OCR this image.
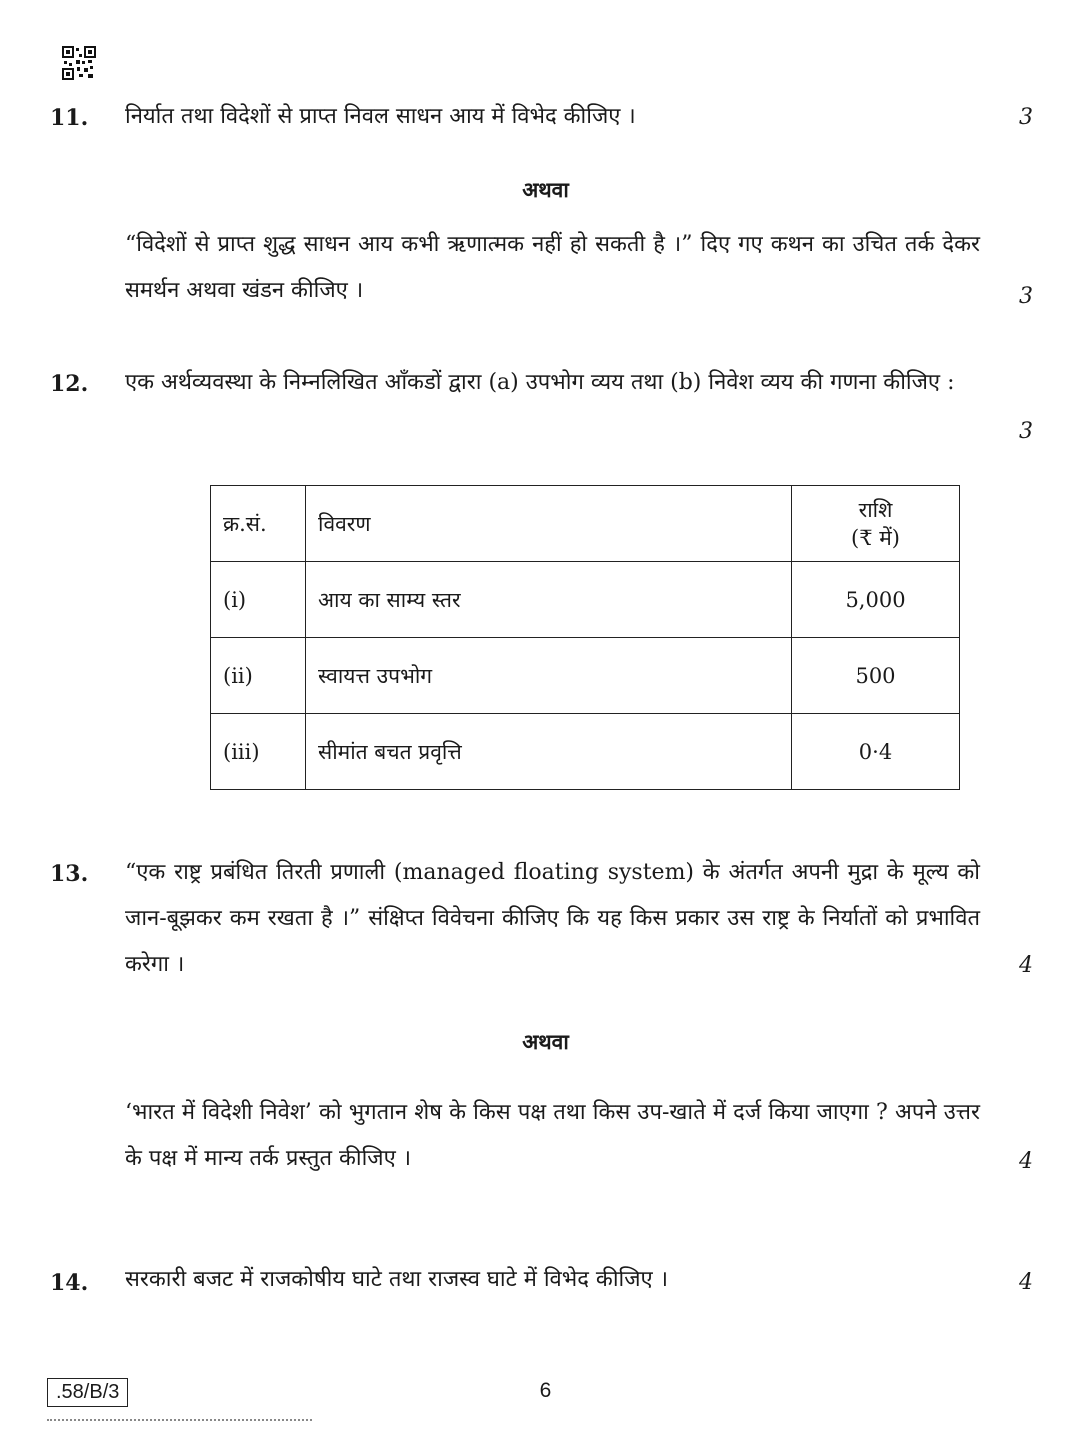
11. निर्यात तथा विदेशों से प्राप्त निवल साधन आय में विभेद कीजिए ।	3
अथवा
“विदेशों से प्राप्त शुद्ध साधन आय कभी ऋणात्मक नहीं हो सकती है ।” दिए गए कथन का उचित तर्क देकर समर्थन अथवा खंडन कीजिए ।	3
12. एक अर्थव्यवस्था के निम्नलिखित आँकडों द्वारा (a) उपभोग व्यय तथा (b) निवेश व्यय की गणना कीजिए :
3
क्र.सं.	विवरण	राशि
(₹ में)

(i)	आय का साम्य स्तर	5,000
(ii)	स्वायत्त उपभोग	500
(iii)	सीमांत बचत प्रवृत्ति	0·4
13. “एक राष्ट्र प्रबंधित तिरती प्रणाली (managed floating system) के अंतर्गत अपनी मुद्रा के मूल्य को जान-बूझकर कम रखता है ।” संक्षिप्त विवेचना कीजिए कि यह किस प्रकार उस राष्ट्र के निर्यातों को प्रभावित करेगा ।	4
अथवा
‘भारत में विदेशी निवेश’ को भुगतान शेष के किस पक्ष तथा किस उप-खाते में दर्ज किया जाएगा ? अपने उत्तर के पक्ष में मान्य तर्क प्रस्तुत कीजिए ।	4
14. सरकारी बजट में राजकोषीय घाटे तथा राजस्व घाटे में विभेद कीजिए ।	4
.58/B/3	6
